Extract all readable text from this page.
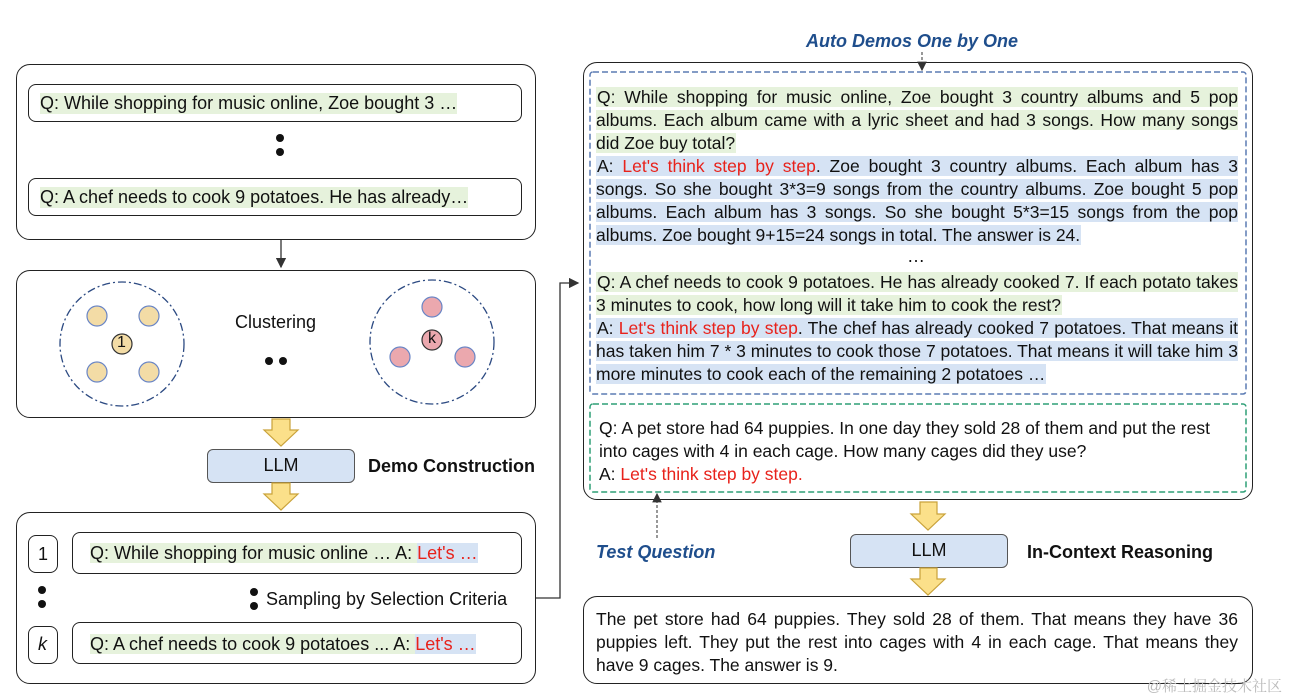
Q: While shopping for music online, Zoe bought 3 …
Q: A chef needs to cook 9 potatoes. He has already…
Clustering
LLM	Demo Construction
1 Q: While shopping for music online … A: Let's …
Sampling by Selection Criteria
k Q: A chef needs to cook 9 potatoes ... A: Let's …
Auto Demos One by One
Q: While shopping for music online, Zoe bought 3 country albums and 5 pop albums. Each album came with a lyric sheet and had 3 songs. How many songs did Zoe buy total?
A: Let's think step by step. Zoe bought 3 country albums. Each album has 3 songs. So she bought 3*3=9 songs from the country albums. Zoe bought 5 pop albums. Each album has 3 songs. So she bought 5*3=15 songs from the pop albums. Zoe bought 9+15=24 songs in total. The answer is 24.
…
Q: A chef needs to cook 9 potatoes. He has already cooked 7. If each potato takes 3 minutes to cook, how long will it take him to cook the rest?
A: Let's think step by step. The chef has already cooked 7 potatoes. That means it has taken him 7 * 3 minutes to cook those 7 potatoes. That means it will take him 3 more minutes to cook each of the remaining 2 potatoes …
Q: A pet store had 64 puppies. In one day they sold 28 of them and put the rest into cages with 4 in each cage. How many cages did they use?
A: Let's think step by step.
Test Question	LLM	In-Context Reasoning
The pet store had 64 puppies. They sold 28 of them. That means they have 36 puppies left. They put the rest into cages with 4 in each cage. That means they have 9 cages. The answer is 9.
@稀土掘金技术社区
1	k
